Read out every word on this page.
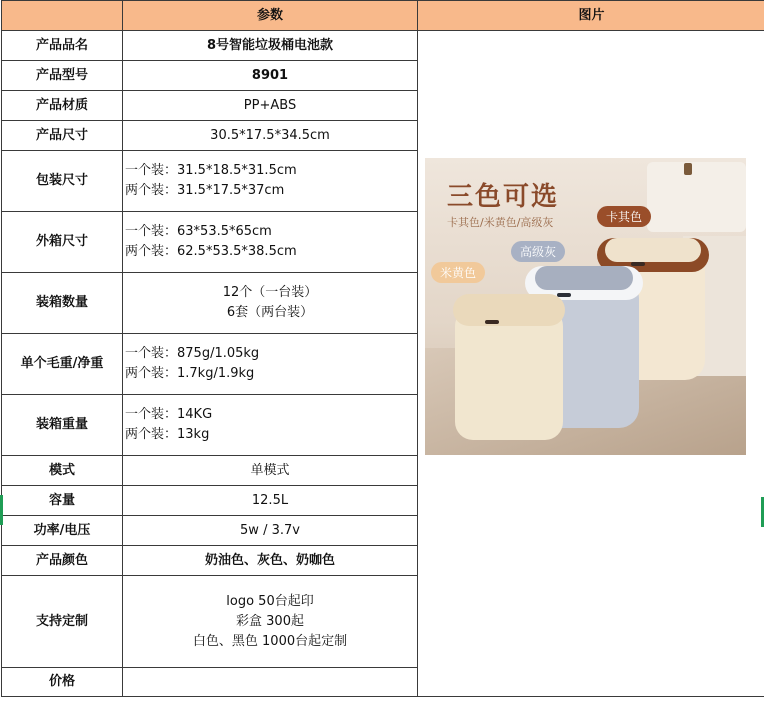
	参数	图片
产品品名	8号智能垃圾桶电池款	
产品型号	8901	
产品材质	PP+ABS	
产品尺寸	30.5*17.5*34.5cm	
包装尺寸	一个装：31.5*18.5*31.5cm
两个装：31.5*17.5*37cm	

外箱尺寸	一个装：63*53.5*65cm
两个装：62.5*53.5*38.5cm	

装箱数量	12个（一台装）
6套（两台装）	

单个毛重/净重	一个装：875g/1.05kg
两个装：1.7kg/1.9kg	

装箱重量	一个装：14KG
两个装：13kg	

模式	单模式	
容量	12.5L	
功率/电压	5w / 3.7v	
产品颜色	奶油色、灰色、奶咖色	
支持定制	logo 50台起印
彩盒 300起
白色、黑色 1000台起定制	

价格		
三色可选
卡其色/米黄色/高级灰	卡其色
高级灰
米黄色
